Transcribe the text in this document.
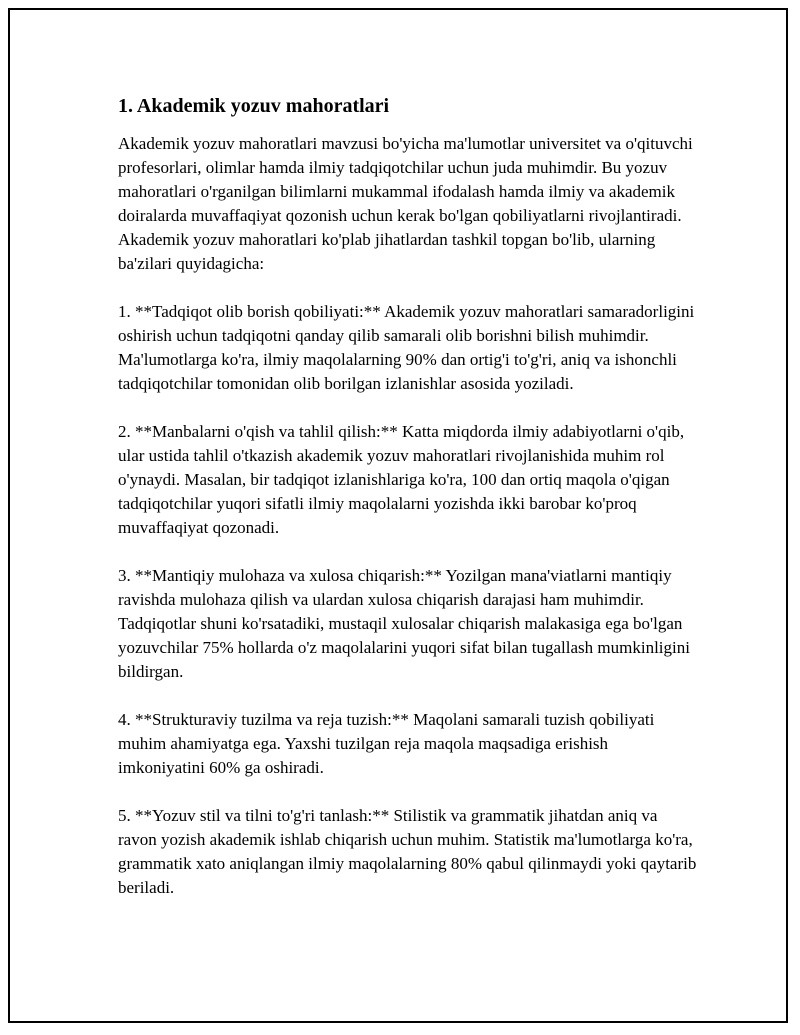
1. Akademik yozuv mahoratlari

Akademik yozuv mahoratlari mavzusi bo'yicha ma'lumotlar universitet va o'qituvchi profesorlari, olimlar hamda ilmiy tadqiqotchilar uchun juda muhimdir. Bu yozuv mahoratlari o'rganilgan bilimlarni mukammal ifodalash hamda ilmiy va akademik doiralarda muvaffaqiyat qozonish uchun kerak bo'lgan qobiliyatlarni rivojlantiradi. Akademik yozuv mahoratlari ko'plab jihatlardan tashkil topgan bo'lib, ularning ba'zilari quyidagicha:

1. **Tadqiqot olib borish qobiliyati:** Akademik yozuv mahoratlari samaradorligini oshirish uchun tadqiqotni qanday qilib samarali olib borishni bilish muhimdir. Ma'lumotlarga ko'ra, ilmiy maqolalarning 90% dan ortig'i to'g'ri, aniq va ishonchli tadqiqotchilar tomonidan olib borilgan izlanishlar asosida yoziladi.

2. **Manbalarni o'qish va tahlil qilish:** Katta miqdorda ilmiy adabiyotlarni o'qib, ular ustida tahlil o'tkazish akademik yozuv mahoratlari rivojlanishida muhim rol o'ynaydi. Masalan, bir tadqiqot izlanishlariga ko'ra, 100 dan ortiq maqola o'qigan tadqiqotchilar yuqori sifatli ilmiy maqolalarni yozishda ikki barobar ko'proq muvaffaqiyat qozonadi.

3. **Mantiqiy mulohaza va xulosa chiqarish:** Yozilgan mana'viatlarni mantiqiy ravishda mulohaza qilish va ulardan xulosa chiqarish darajasi ham muhimdir. Tadqiqotlar shuni ko'rsatadiki, mustaqil xulosalar chiqarish malakasiga ega bo'lgan yozuvchilar 75% hollarda o'z maqolalarini yuqori sifat bilan tugallash mumkinligini bildirgan.

4. **Strukturaviy tuzilma va reja tuzish:** Maqolani samarali tuzish qobiliyati muhim ahamiyatga ega. Yaxshi tuzilgan reja maqola maqsadiga erishish imkoniyatini 60% ga oshiradi.

5. **Yozuv stil va tilni to'g'ri tanlash:** Stilistik va grammatik jihatdan aniq va ravon yozish akademik ishlab chiqarish uchun muhim. Statistik ma'lumotlarga ko'ra, grammatik xato aniqlangan ilmiy maqolalarning 80% qabul qilinmaydi yoki qaytarib beriladi.
